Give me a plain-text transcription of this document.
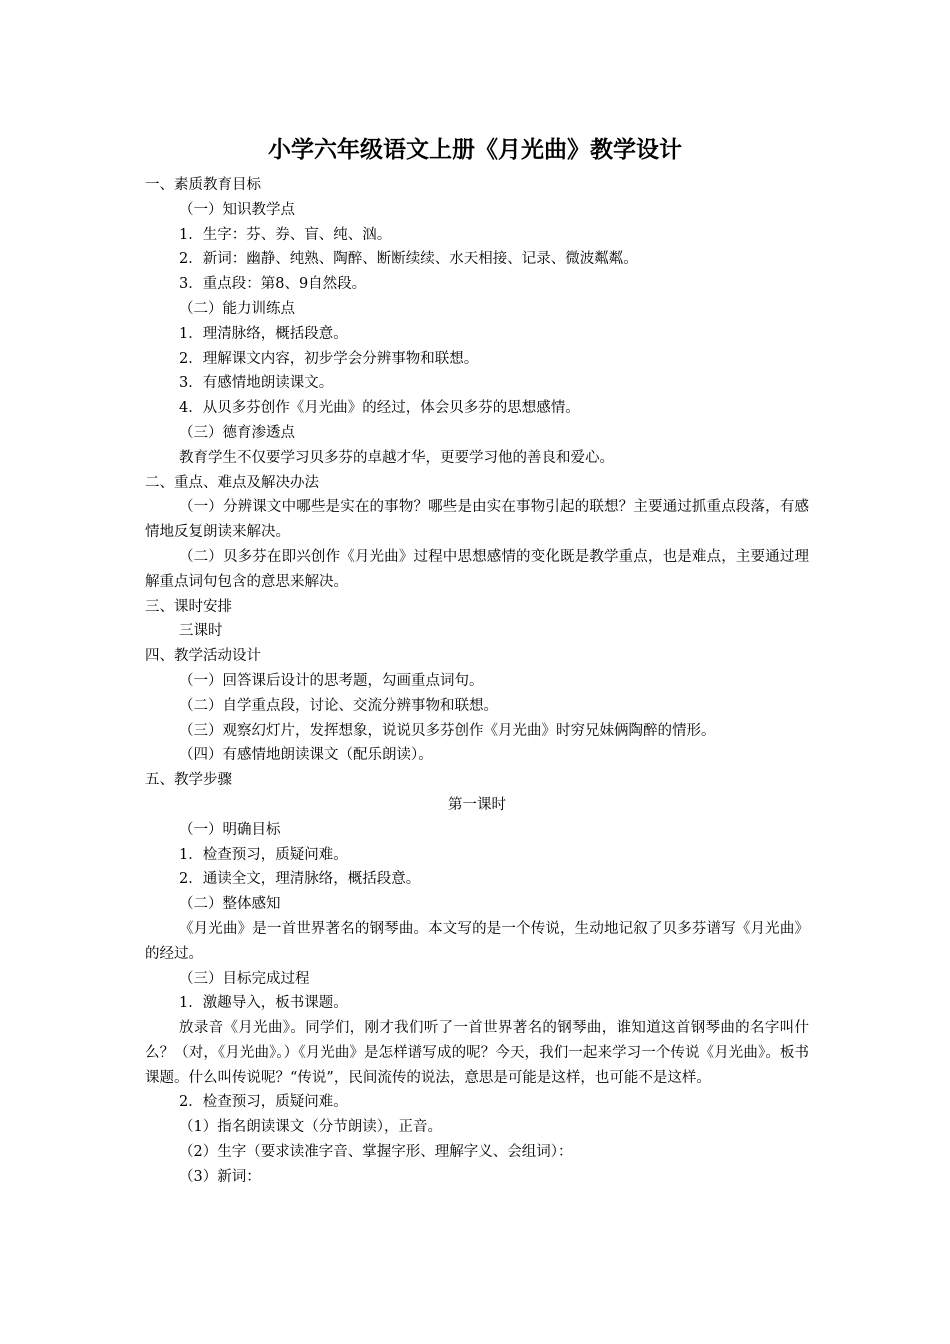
小学六年级语文上册《月光曲》教学设计
一、素质教育目标
（一）知识教学点
1．生字：芬、券、盲、纯、汹。
2．新词：幽静、纯熟、陶醉、断断续续、水天相接、记录、微波粼粼。
3．重点段：第8、9自然段。
（二）能力训练点
1．理清脉络，概括段意。
2．理解课文内容，初步学会分辨事物和联想。
3．有感情地朗读课文。
4．从贝多芬创作《月光曲》的经过，体会贝多芬的思想感情。
（三）德育渗透点
教育学生不仅要学习贝多芬的卓越才华，更要学习他的善良和爱心。
二、重点、难点及解决办法
（一）分辨课文中哪些是实在的事物？哪些是由实在事物引起的联想？主要通过抓重点段落，有感情地反复朗读来解决。
（二）贝多芬在即兴创作《月光曲》过程中思想感情的变化既是教学重点，也是难点，主要通过理解重点词句包含的意思来解决。
三、课时安排
三课时
四、教学活动设计
（一）回答课后设计的思考题，勾画重点词句。
（二）自学重点段，讨论、交流分辨事物和联想。
（三）观察幻灯片，发挥想象，说说贝多芬创作《月光曲》时穷兄妹俩陶醉的情形。
（四）有感情地朗读课文（配乐朗读）。
五、教学步骤
第一课时
（一）明确目标
1．检查预习，质疑问难。
2．通读全文，理清脉络，概括段意。
（二）整体感知
《月光曲》是一首世界著名的钢琴曲。本文写的是一个传说，生动地记叙了贝多芬谱写《月光曲》的经过。
（三）目标完成过程
1．激趣导入，板书课题。
放录音《月光曲》。同学们，刚才我们听了一首世界著名的钢琴曲，谁知道这首钢琴曲的名字叫什么？（对，《月光曲》。）《月光曲》是怎样谱写成的呢？今天，我们一起来学习一个传说《月光曲》。板书课题。什么叫传说呢？“传说”，民间流传的说法，意思是可能是这样，也可能不是这样。
2．检查预习，质疑问难。
（1）指名朗读课文（分节朗读），正音。
（2）生字（要求读准字音、掌握字形、理解字义、会组词）：
（3）新词：
